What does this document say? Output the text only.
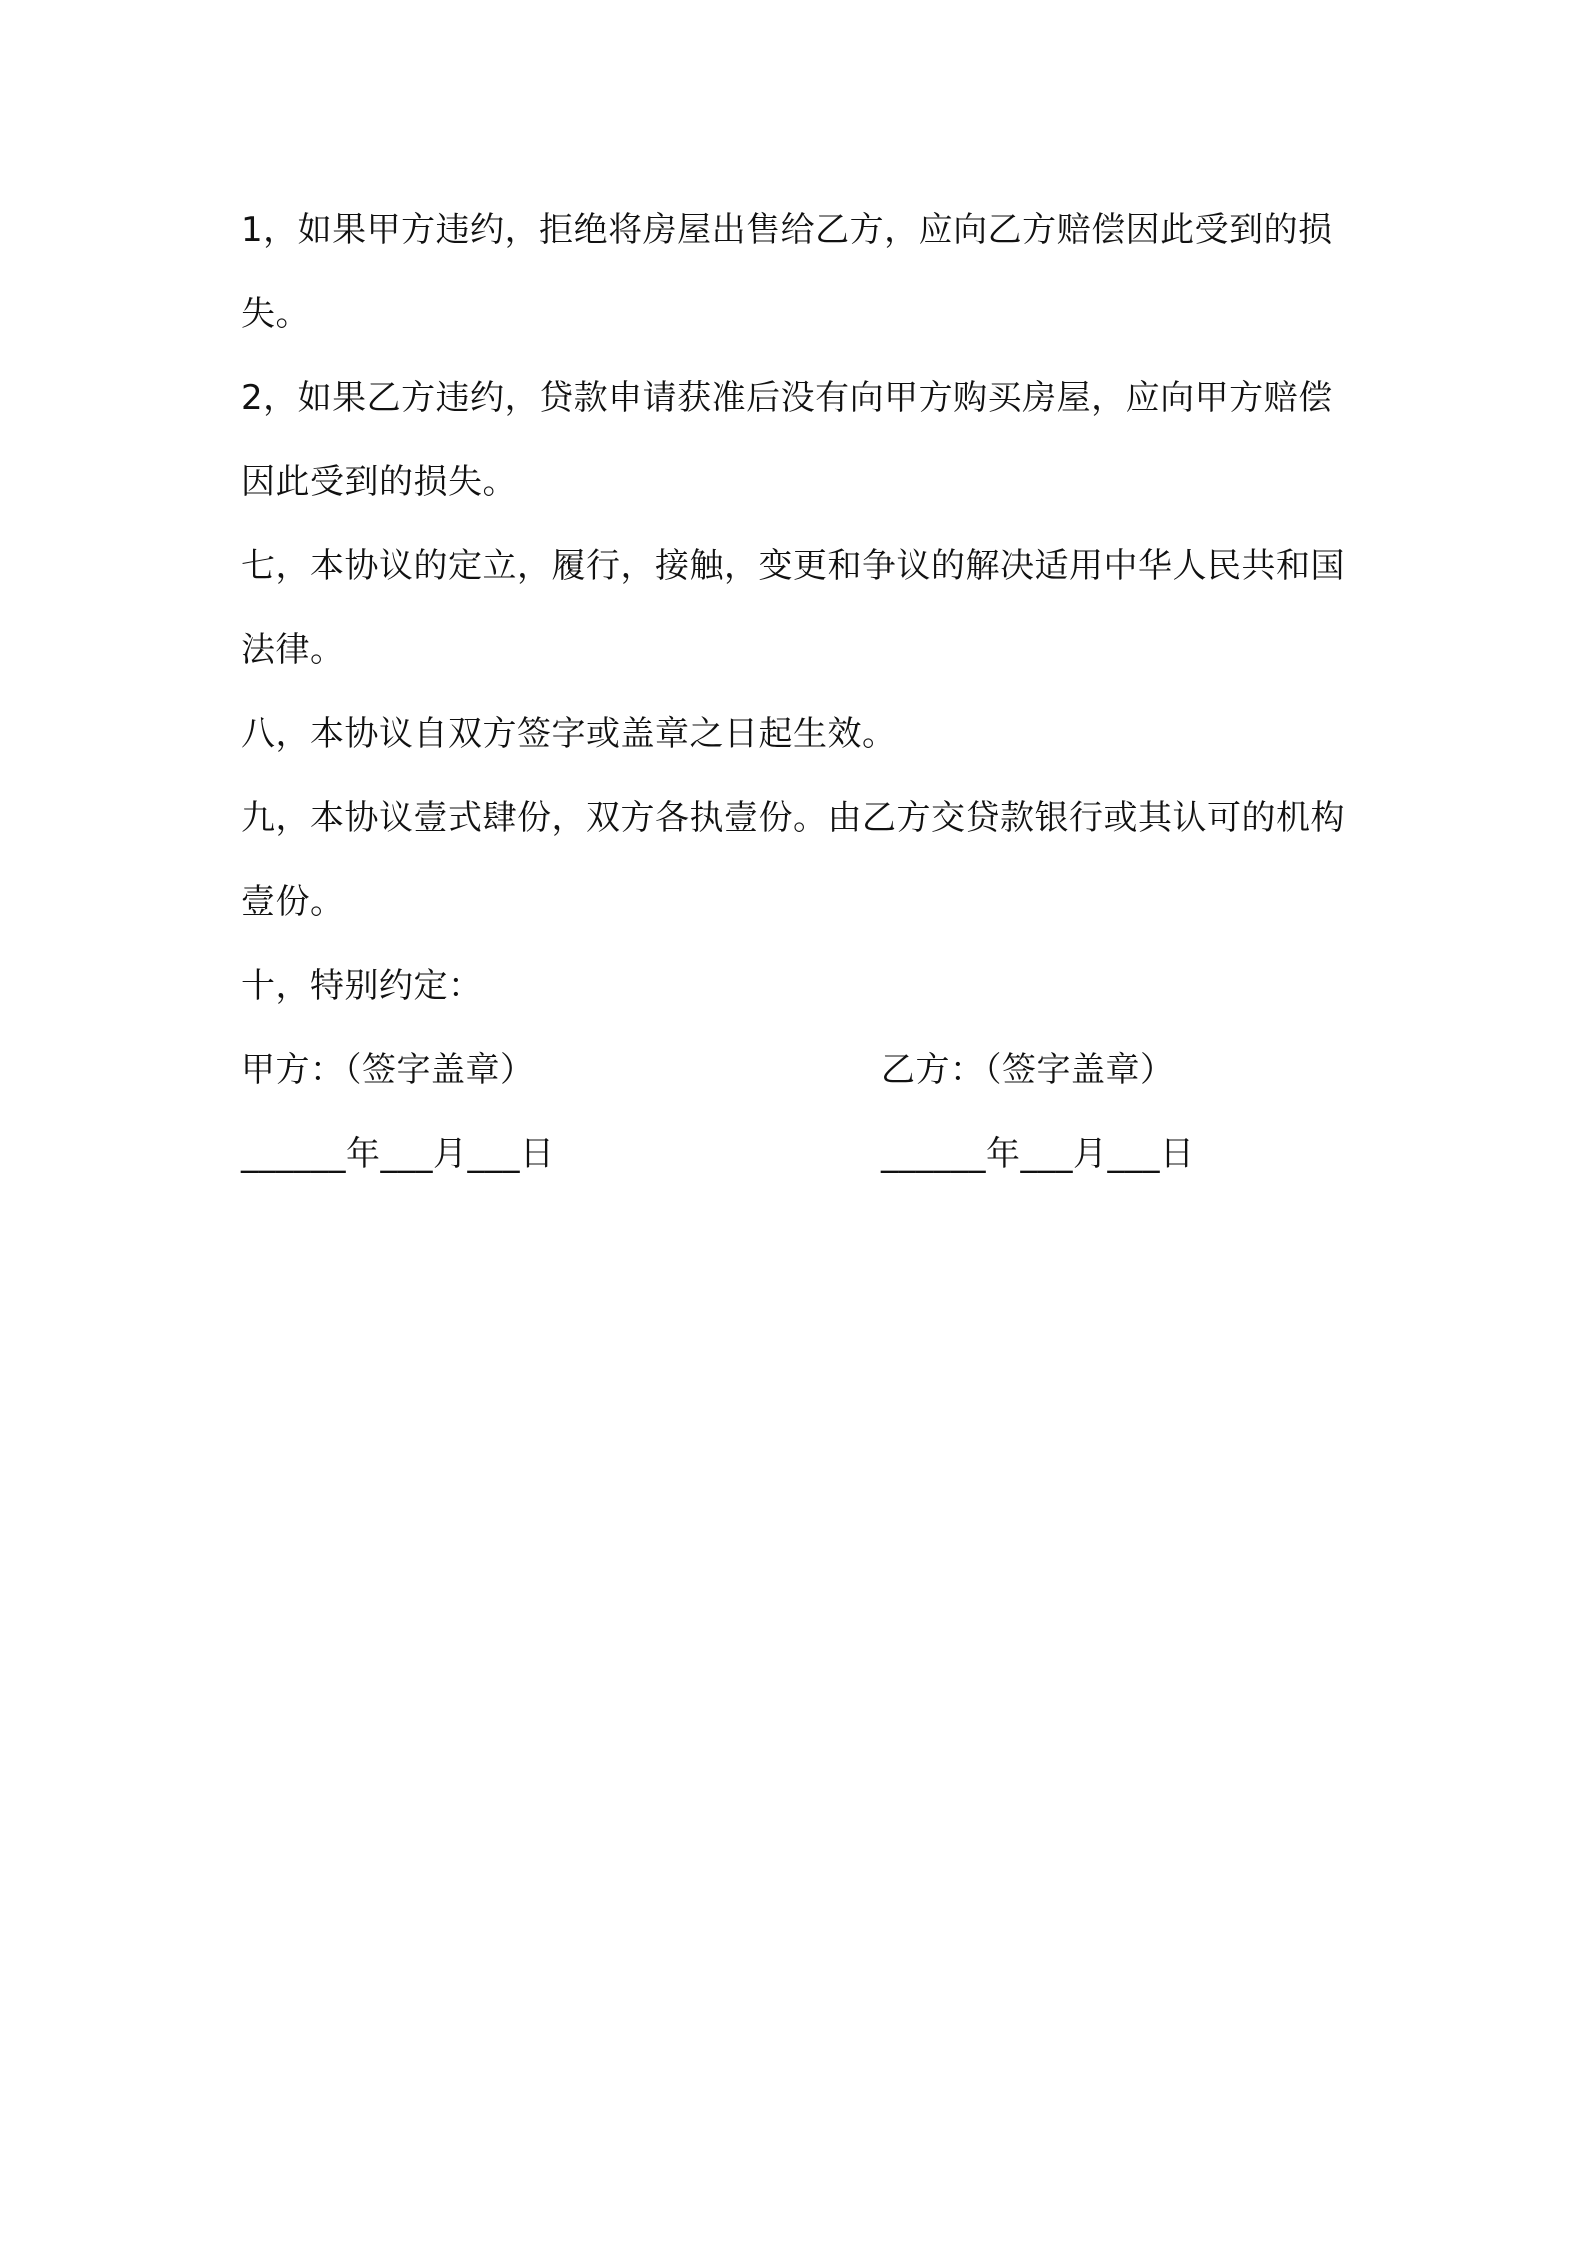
1，如果甲方违约，拒绝将房屋出售给乙方，应向乙方赔偿因此受到的损失。

2，如果乙方违约，贷款申请获准后没有向甲方购买房屋，应向甲方赔偿因此受到的损失。

七，本协议的定立，履行，接触，变更和争议的解决适用中华人民共和国法律。

八，本协议自双方签字或盖章之日起生效。

九，本协议壹式肆份，双方各执壹份。由乙方交贷款银行或其认可的机构壹份。

十，特别约定：

甲方：（签字盖章）	乙方：（签字盖章）
______年___月___日	______年___月___日
